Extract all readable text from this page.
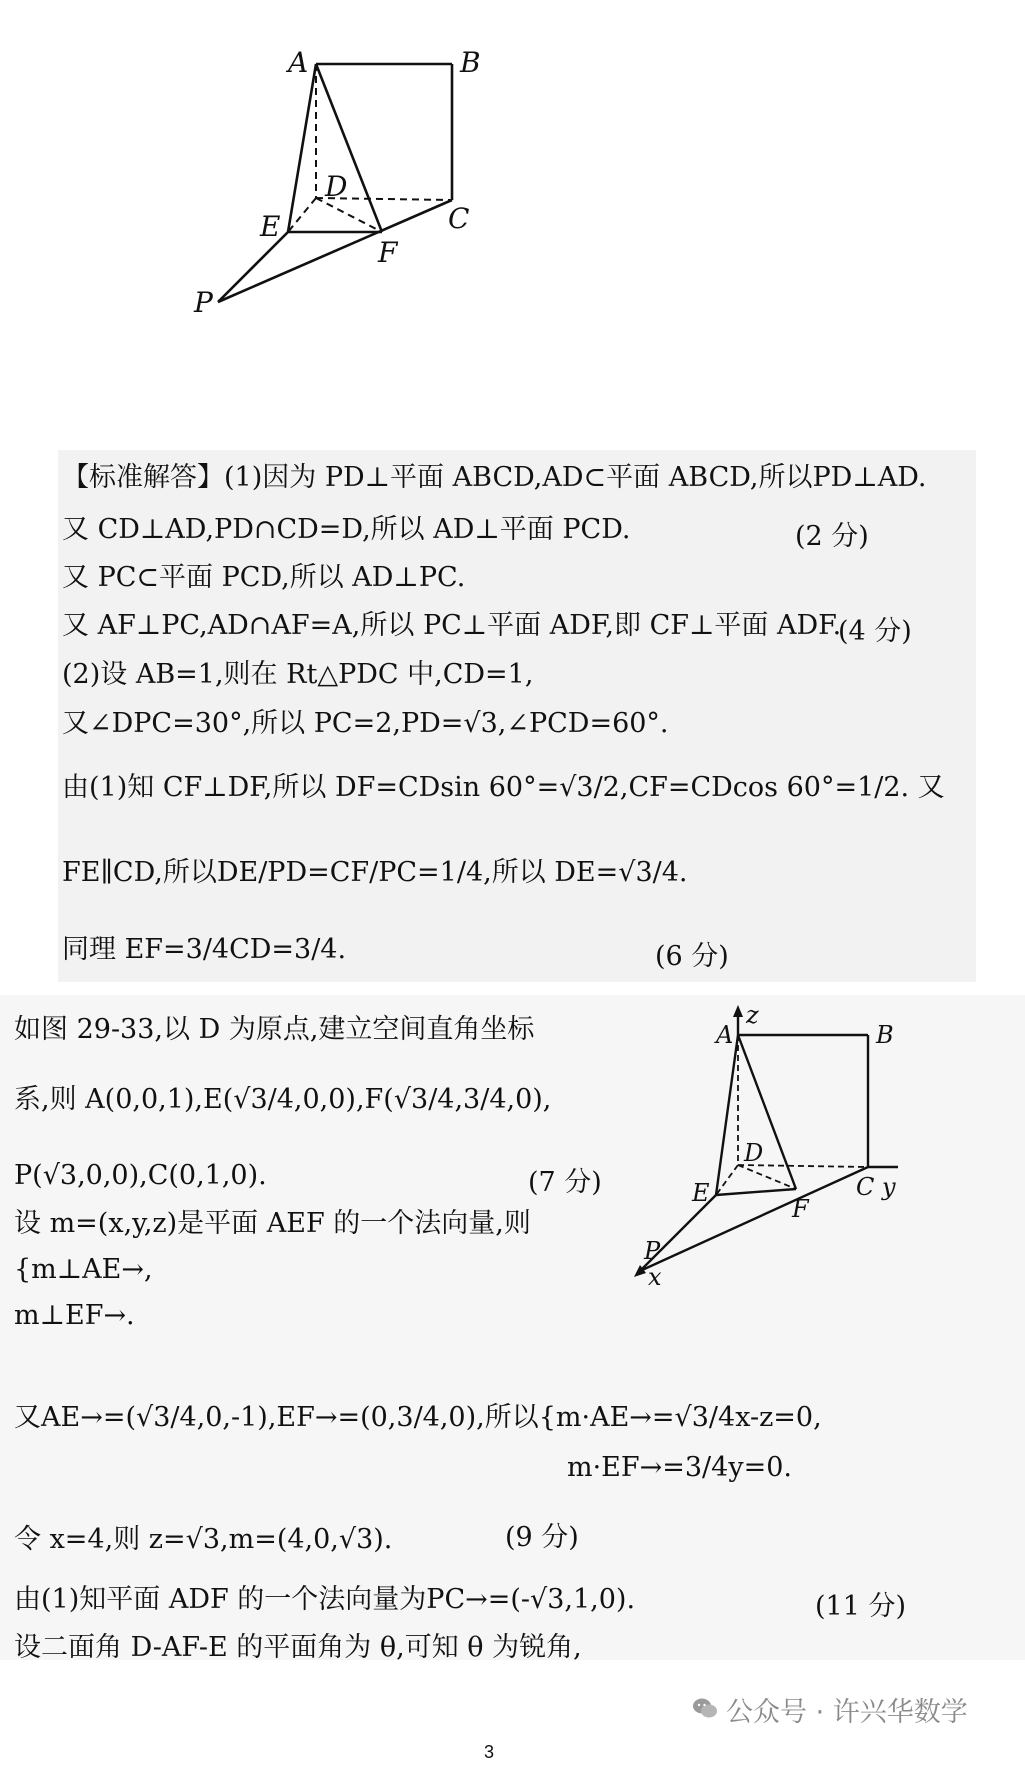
A	B
C
D
E
F
P
【标准解答】(1)因为 PD⊥平面 ABCD,AD⊂平面 ABCD,所以PD⊥AD.
又 CD⊥AD,PD∩CD=D,所以 AD⊥平面 PCD.	(2 分)
又 PC⊂平面 PCD,所以 AD⊥PC.
又 AF⊥PC,AD∩AF=A,所以 PC⊥平面 ADF,即 CF⊥平面 ADF.
(4 分)
(2)设 AB=1,则在 Rt△PDC 中,CD=1,
又∠DPC=30°,所以 PC=2,PD=√3,∠PCD=60°.
由(1)知 CF⊥DF,所以 DF=CDsin 60°=√3/2,CF=CDcos 60°=1/2. 又
FE∥CD,所以DE/PD=CF/PC=1/4,所以 DE=√3/4.
同理 EF=3/4CD=3/4.	(6 分)
如图 29-33,以 D 为原点,建立空间直角坐标
系,则 A(0,0,1),E(√3/4,0,0),F(√3/4,3/4,0),
P(√3,0,0),C(0,1,0).	(7 分)
设 m=(x,y,z)是平面 AEF 的一个法向量,则
{m⊥AE→,
m⊥EF→.
又AE→=(√3/4,0,-1),EF→=(0,3/4,0),所以{m·AE→=√3/4x-z=0,
m·EF→=3/4y=0.
令 x=4,则 z=√3,m=(4,0,√3).	(9 分)
由(1)知平面 ADF 的一个法向量为PC→=(-√3,1,0).	(11 分)
设二面角 D-AF-E 的平面角为 θ,可知 θ 为锐角,
A
z
B
D
C y
E
F
P
x
公众号 · 许兴华数学
3
